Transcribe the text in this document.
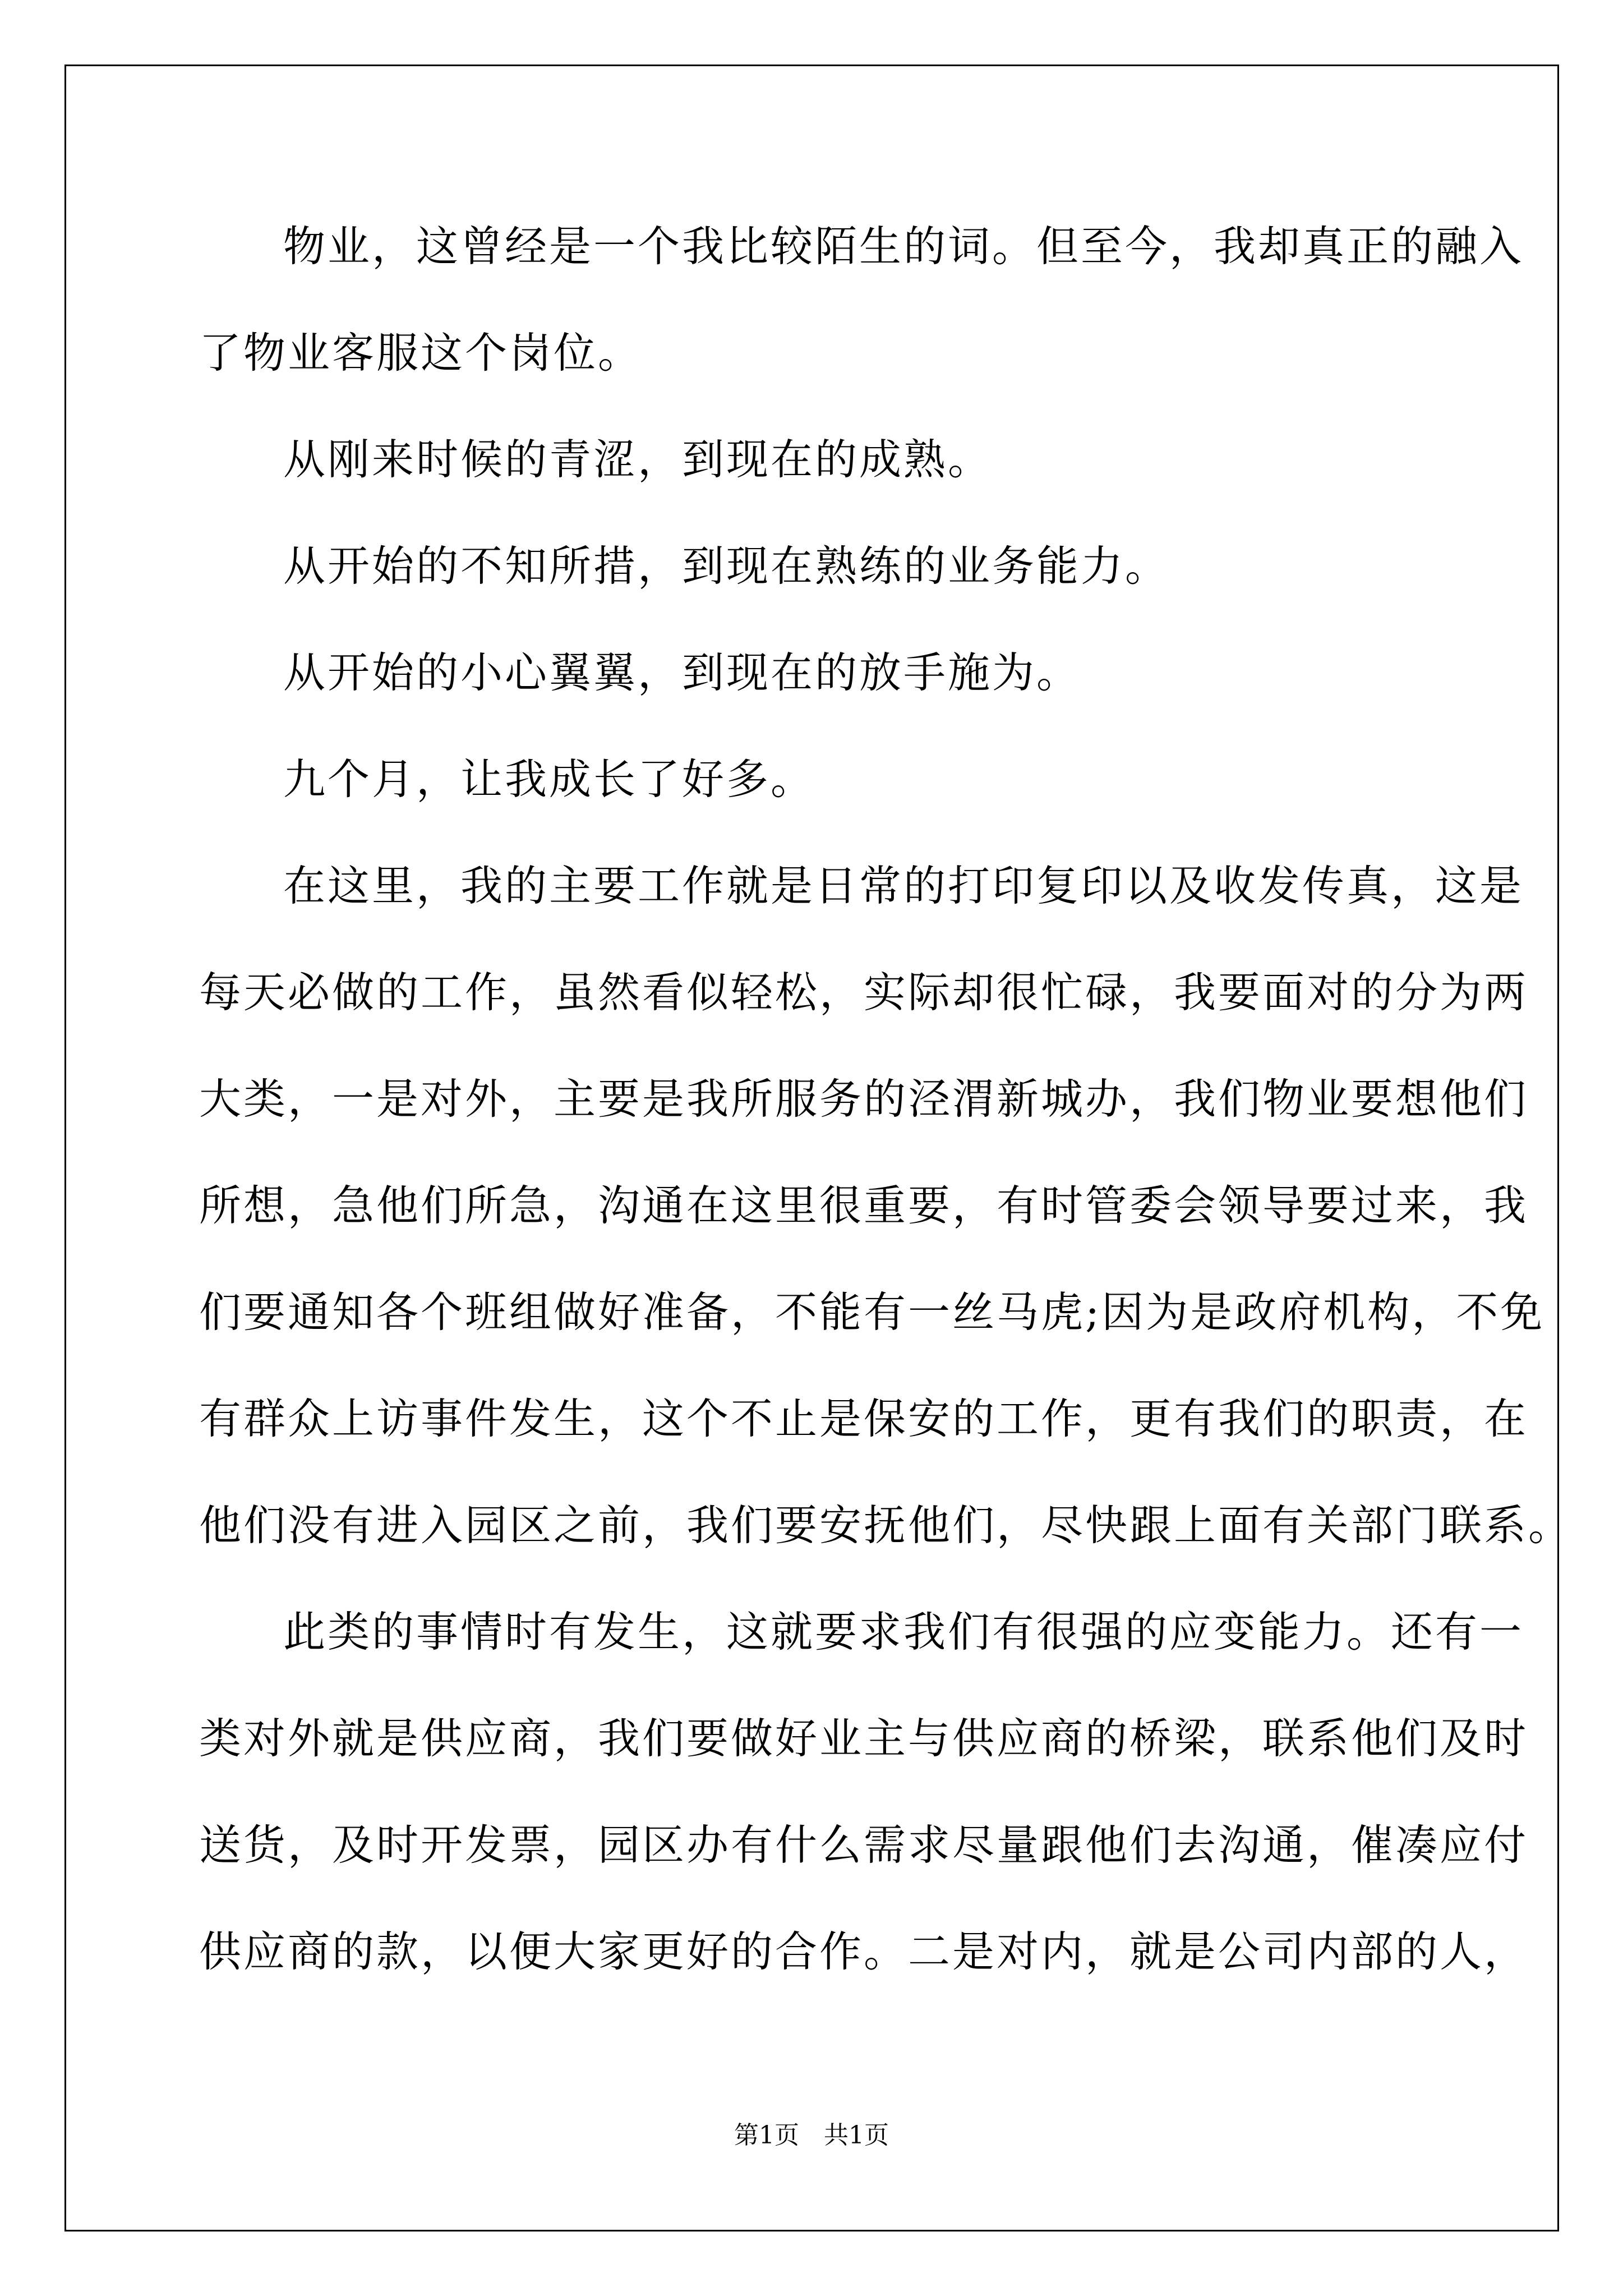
物业，这曾经是一个我比较陌生的词。但至今，我却真正的融入
了物业客服这个岗位。
从刚来时候的青涩，到现在的成熟。
从开始的不知所措，到现在熟练的业务能力。
从开始的小心翼翼，到现在的放手施为。
九个月，让我成长了好多。
在这里，我的主要工作就是日常的打印复印以及收发传真，这是
每天必做的工作，虽然看似轻松，实际却很忙碌，我要面对的分为两
大类，一是对外，主要是我所服务的泾渭新城办，我们物业要想他们
所想，急他们所急，沟通在这里很重要，有时管委会领导要过来，我
们要通知各个班组做好准备，不能有一丝马虎;因为是政府机构，不免
有群众上访事件发生，这个不止是保安的工作，更有我们的职责，在
他们没有进入园区之前，我们要安抚他们，尽快跟上面有关部门联系。
此类的事情时有发生，这就要求我们有很强的应变能力。还有一
类对外就是供应商，我们要做好业主与供应商的桥梁，联系他们及时
送货，及时开发票，园区办有什么需求尽量跟他们去沟通，催凑应付
供应商的款，以便大家更好的合作。二是对内，就是公司内部的人，
第1页　共1页
